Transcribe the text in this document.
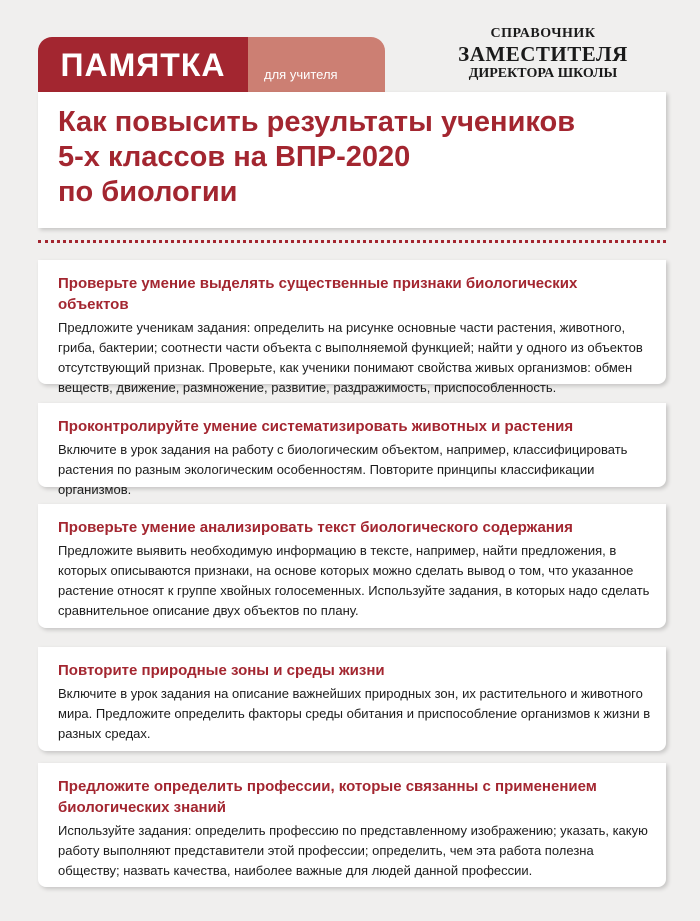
ПАМЯТКА	для учителя
СПРАВОЧНИК
ЗАМЕСТИТЕЛЯ
ДИРЕКТОРА ШКОЛЫ
Как повысить результаты учеников
5-х классов на ВПР-2020
по биологии
Проверьте умение выделять существенные признаки биологических объектов

Предложите ученикам задания: определить на рисунке основные части растения, животного, гриба, бактерии; соотнести части объекта с выполняемой функцией; найти у одного из объектов отсутствующий признак. Проверьте, как ученики понимают свойства живых организмов: обмен веществ, движение, размножение, развитие, раздражимость, приспособленность.

Проконтролируйте умение систематизировать животных и растения

Включите в урок задания на работу с биологическим объектом, например, классифицировать растения по разным экологическим особенностям. Повторите принципы классификации организмов.

Проверьте умение анализировать текст биологического содержания

Предложите выявить необходимую информацию в тексте, например, найти предложения, в которых описываются признаки, на основе которых можно сделать вывод о том, что указанное растение относят к группе хвойных голосеменных. Используйте задания, в которых надо сделать сравнительное описание двух объектов по плану.

Повторите природные зоны и среды жизни

Включите в урок задания на описание важнейших природных зон, их растительного и животного мира. Предложите определить факторы среды обитания и приспособление организмов к жизни в разных средах.

Предложите определить профессии, которые связанны с применением биологических знаний

Используйте задания: определить профессию по представленному изображению; указать, какую работу выполняют представители этой профессии; определить, чем эта работа полезна обществу; назвать качества, наиболее важные для людей данной профессии.
